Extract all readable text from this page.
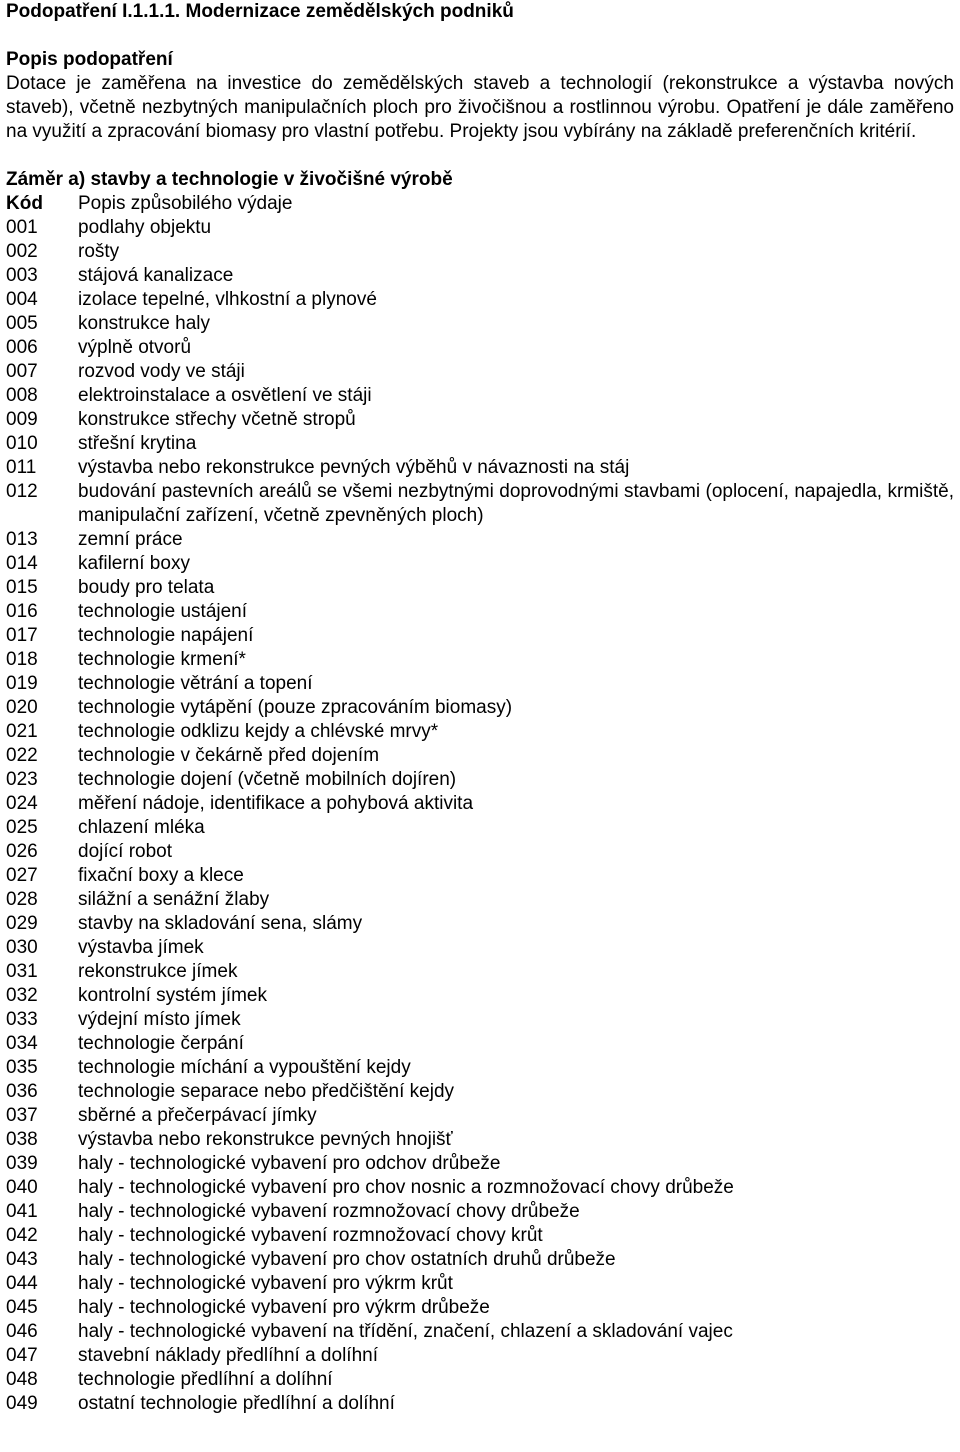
Podopatření I.1.1.1. Modernizace zemědělských podniků
Popis podopatření
Dotace je zaměřena na investice do zemědělských staveb a technologií (rekonstrukce a výstavba nových staveb), včetně nezbytných manipulačních ploch pro živočišnou a rostlinnou výrobu. Opatření je dále zaměřeno na využití a zpracování biomasy pro vlastní potřebu. Projekty jsou vybírány na základě preferenčních kritérií.
Záměr a) stavby a technologie v živočišné výrobě
Kód	Popis způsobilého výdaje
001	podlahy objektu
002	rošty
003	stájová kanalizace
004	izolace tepelné, vlhkostní a plynové
005	konstrukce haly
006	výplně otvorů
007	rozvod vody ve stáji
008	elektroinstalace a osvětlení ve stáji
009	konstrukce střechy včetně stropů
010	střešní krytina
011	výstavba nebo rekonstrukce pevných výběhů v návaznosti na stáj
012	budování pastevních areálů se všemi nezbytnými doprovodnými stavbami (oplocení, napajedla, krmiště, manipulační zařízení, včetně zpevněných ploch)
013	zemní práce
014	kafilerní boxy
015	boudy pro telata
016	technologie ustájení
017	technologie napájení
018	technologie krmení*
019	technologie větrání a topení
020	technologie vytápění (pouze zpracováním biomasy)
021	technologie odklizu kejdy a chlévské mrvy*
022	technologie v čekárně před dojením
023	technologie dojení (včetně mobilních dojíren)
024	měření nádoje, identifikace a pohybová aktivita
025	chlazení mléka
026	dojící robot
027	fixační boxy a klece
028	silážní a senážní žlaby
029	stavby na skladování sena, slámy
030	výstavba jímek
031	rekonstrukce jímek
032	kontrolní systém jímek
033	výdejní místo jímek
034	technologie čerpání
035	technologie míchání a vypouštění kejdy
036	technologie separace nebo předčištění kejdy
037	sběrné a přečerpávací jímky
038	výstavba nebo rekonstrukce pevných hnojišť
039	haly - technologické vybavení pro odchov drůbeže
040	haly - technologické vybavení pro chov nosnic a rozmnožovací chovy drůbeže
041	haly - technologické vybavení rozmnožovací chovy drůbeže
042	haly - technologické vybavení rozmnožovací chovy krůt
043	haly - technologické vybavení pro chov ostatních druhů drůbeže
044	haly - technologické vybavení pro výkrm krůt
045	haly - technologické vybavení pro výkrm drůbeže
046	haly - technologické vybavení na třídění, značení, chlazení a skladování vajec
047	stavební náklady předlíhní a dolíhní
048	technologie předlíhní a dolíhní
049	ostatní technologie předlíhní a dolíhní
